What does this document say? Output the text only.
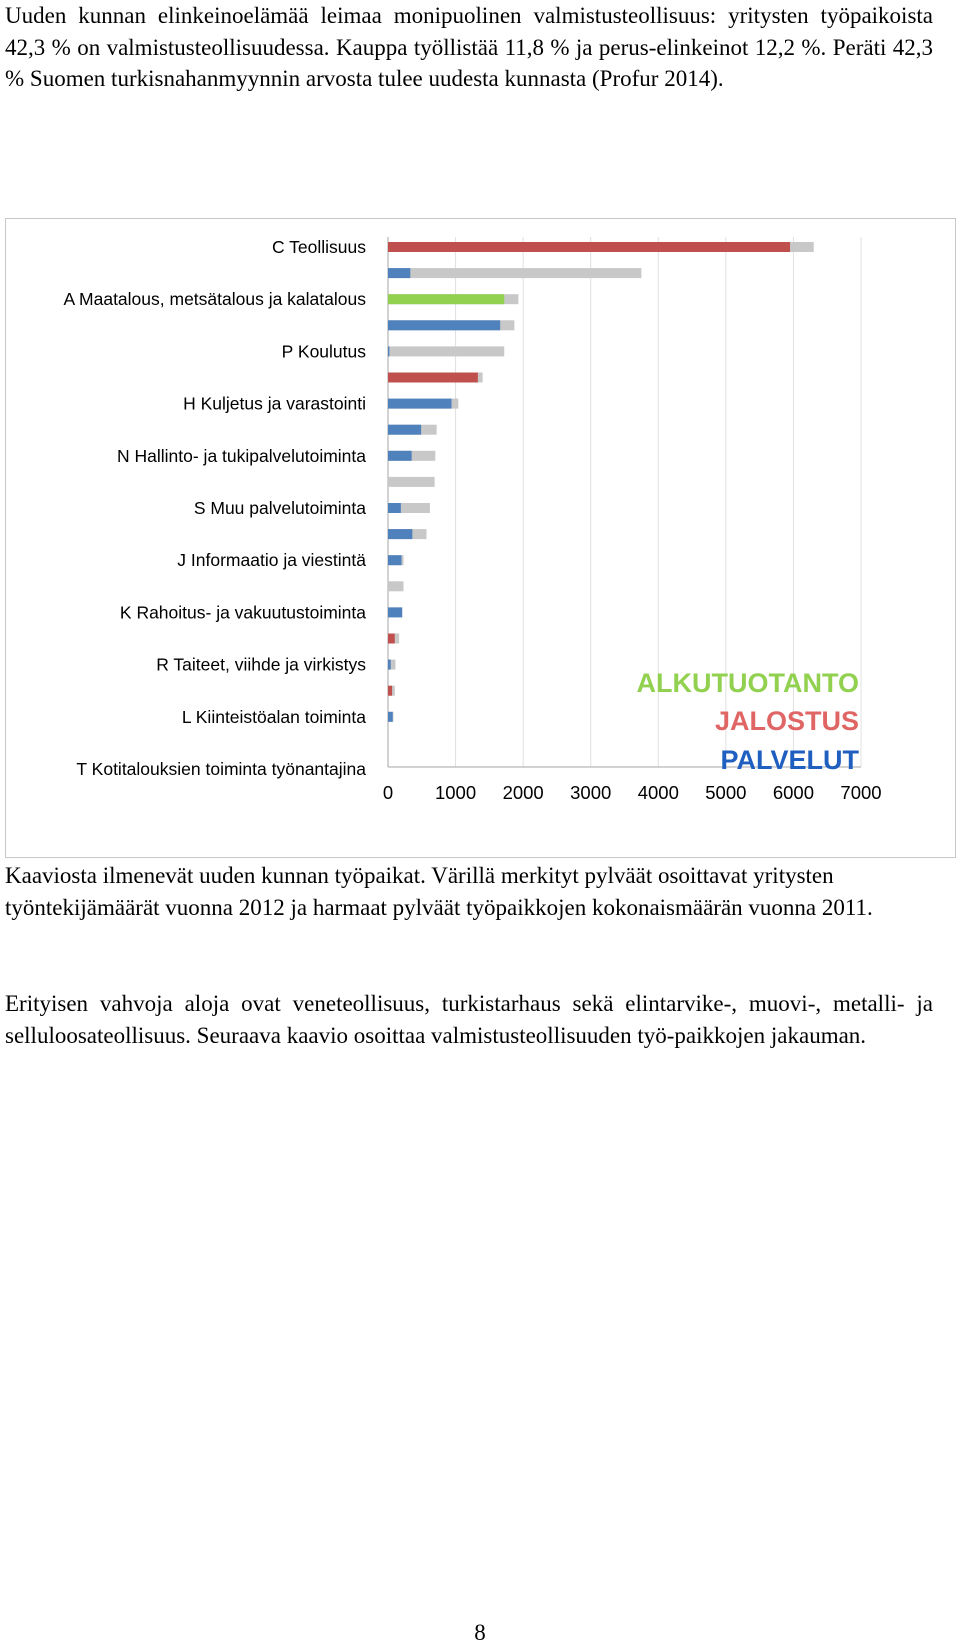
Uuden kunnan elinkeinoelämää leimaa monipuolinen valmistusteollisuus: yritysten työpaikoista 42,3 % on valmistusteollisuudessa. Kauppa työllistää 11,8 % ja perus-elinkeinot 12,2 %. Peräti 42,3 % Suomen turkisnahanmyynnin arvosta tulee uudesta kunnasta (Profur 2014).

C Teollisuus
A Maatalous, metsätalous ja kalatalous
P Koulutus
H Kuljetus ja varastointi
N Hallinto- ja tukipalvelutoiminta
S Muu palvelutoiminta
J Informaatio ja viestintä
K Rahoitus- ja vakuutustoiminta
R Taiteet, viihde ja virkistys
L Kiinteistöalan toiminta
T Kotitalouksien toiminta työnantajina
0 1000 2000 3000 4000 5000 6000 7000
ALKUTUOTANTO
JALOSTUS
PALVELUT

Kaaviosta ilmenevät uuden kunnan työpaikat. Värillä merkityt pylväät osoittavat yritysten työntekijämäärät vuonna 2012 ja harmaat pylväät työpaikkojen kokonaismäärän vuonna 2011.

Erityisen vahvoja aloja ovat veneteollisuus, turkistarhaus sekä elintarvike-, muovi-, metalli- ja selluloosateollisuus. Seuraava kaavio osoittaa valmistusteollisuuden työ-paikkojen jakauman.

8
